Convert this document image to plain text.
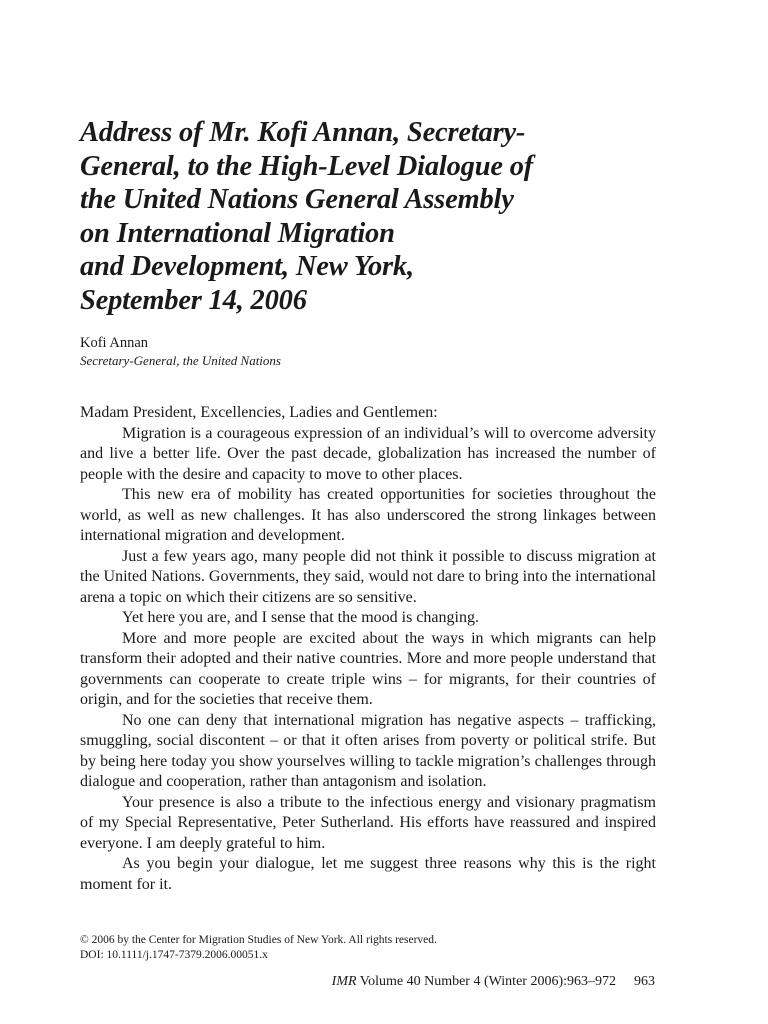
Address of Mr. Kofi Annan, Secretary-
General, to the High-Level Dialogue of
the United Nations General Assembly
on International Migration
and Development, New York,
September 14, 2006
Kofi Annan
Secretary-General, the United Nations

Madam President, Excellencies, Ladies and Gentlemen:

Migration is a courageous expression of an individual’s will to overcome adversity and live a better life. Over the past decade, globalization has increased the number of people with the desire and capacity to move to other places.

This new era of mobility has created opportunities for societies throughout the world, as well as new challenges. It has also underscored the strong linkages between international migration and development.

Just a few years ago, many people did not think it possible to discuss migration at the United Nations. Governments, they said, would not dare to bring into the international arena a topic on which their citizens are so sensitive.

Yet here you are, and I sense that the mood is changing.

More and more people are excited about the ways in which migrants can help transform their adopted and their native countries. More and more people understand that governments can cooperate to create triple wins – for migrants, for their countries of origin, and for the societies that receive them.

No one can deny that international migration has negative aspects – trafficking, smuggling, social discontent – or that it often arises from poverty or political strife. But by being here today you show yourselves willing to tackle migration’s challenges through dialogue and cooperation, rather than antagonism and isolation.

Your presence is also a tribute to the infectious energy and visionary pragmatism of my Special Representative, Peter Sutherland. His efforts have reassured and inspired everyone. I am deeply grateful to him.

As you begin your dialogue, let me suggest three reasons why this is the right moment for it.

© 2006 by the Center for Migration Studies of New York. All rights reserved.
DOI: 10.1111/j.1747-7379.2006.00051.x
IMR Volume 40 Number 4 (Winter 2006):963–972 963
